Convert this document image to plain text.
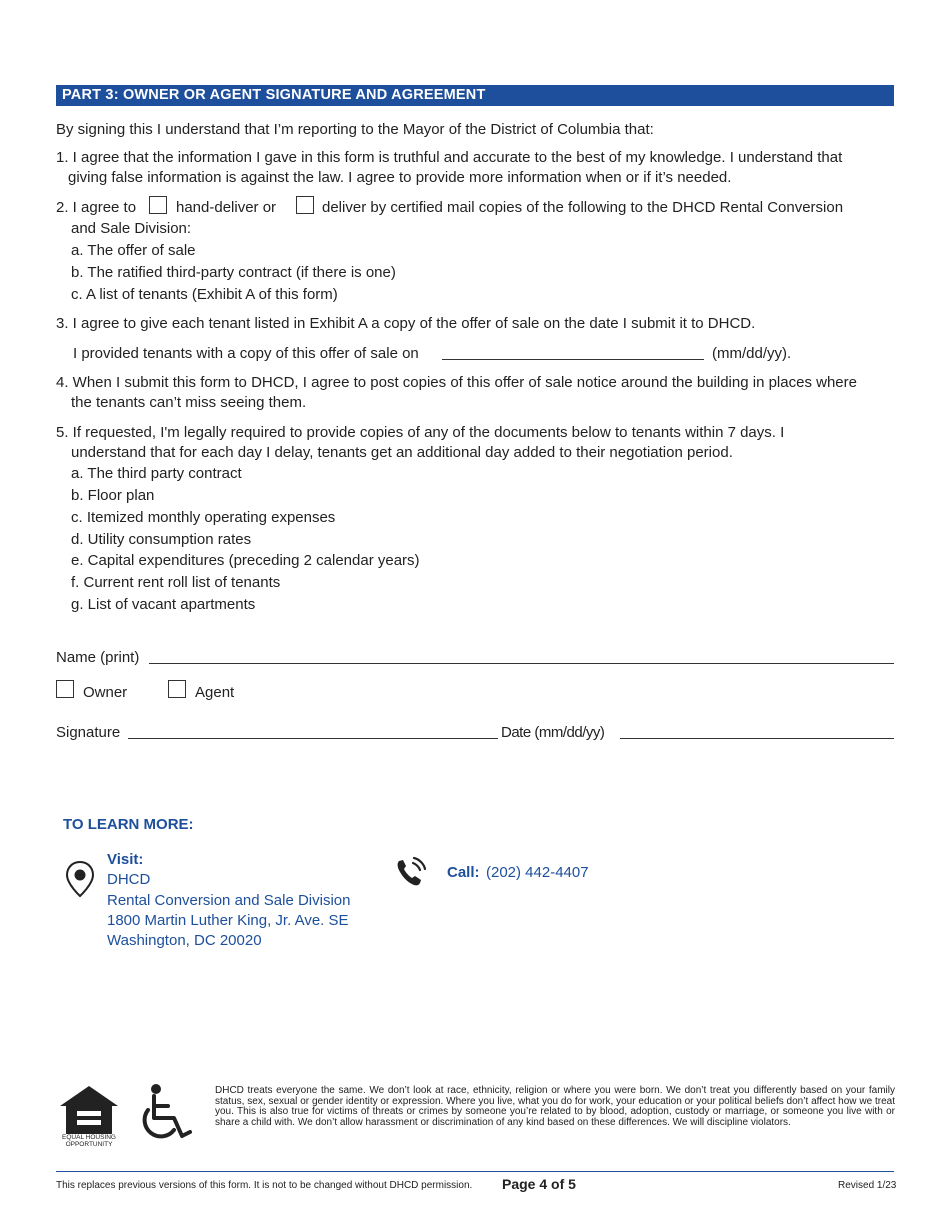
PART 3: OWNER OR AGENT SIGNATURE AND AGREEMENT
By signing this I understand that I’m reporting to the Mayor of the District of Columbia that:
1. I agree that the information I gave in this form is truthful and accurate to the best of my knowledge. I understand that
giving false information is against the law. I agree to provide more information when or if it’s needed.
2. I agree to	hand-deliver or	deliver by certified mail copies of the following to the DHCD Rental Conversion
and Sale Division:
a. The offer of sale
b. The ratified third-party contract (if there is one)
c. A list of tenants (Exhibit A of this form)
3. I agree to give each tenant listed in Exhibit A a copy of the offer of sale on the date I submit it to DHCD.
I provided tenants with a copy of this offer of sale on	(mm/dd/yy).
4. When I submit this form to DHCD, I agree to post copies of this offer of sale notice around the building in places where
the tenants can’t miss seeing them.
5. If requested, I'm legally required to provide copies of any of the documents below to tenants within 7 days. I
understand that for each day I delay, tenants get an additional day added to their negotiation period.
a. The third party contract
b. Floor plan
c. Itemized monthly operating expenses
d. Utility consumption rates
e. Capital expenditures (preceding 2 calendar years)
f. Current rent roll list of tenants
g. List of vacant apartments
Name (print)
Owner	Agent
Signature	Date (mm/dd/yy)
TO LEARN MORE:
Visit:
DHCD
Rental Conversion and Sale Division
1800 Martin Luther King, Jr. Ave. SE
Washington, DC 20020
Call: (202) 442-4407
EQUAL HOUSING
OPPORTUNITY
DHCD treats everyone the same. We don’t look at race, ethnicity, religion or where you were born. We don’t treat you differently based on your family status, sex, sexual or gender identity or expression. Where you live, what you do for work, your education or your political beliefs don’t affect how we treat you. This is also true for victims of threats or crimes by someone you’re related to by blood, adoption, custody or marriage, or someone you live with or share a child with. We don’t allow harassment or discrimination of any kind based on these differences. We will discipline violators.
This replaces previous versions of this form. It is not to be changed without DHCD permission. Page 4 of 5	Revised 1/23
